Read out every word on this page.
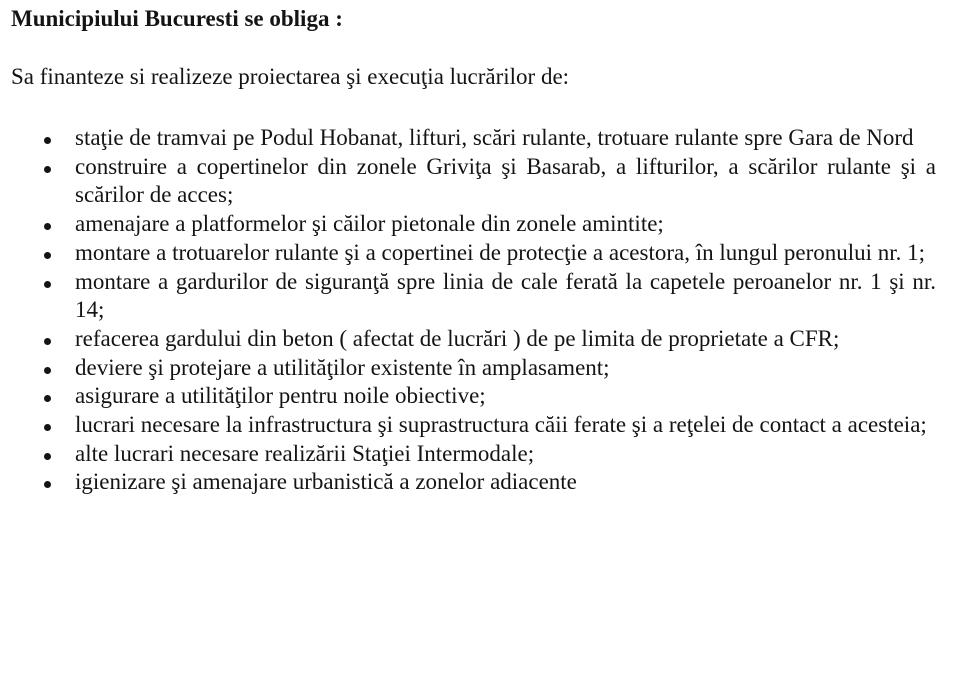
Municipiului Bucuresti se obliga :
Sa finanteze si realizeze proiectarea şi execuţia lucrărilor de:
staţie de tramvai pe Podul Hobanat, lifturi, scări rulante, trotuare rulante spre Gara de Nord
construire a copertinelor din zonele Griviţa şi Basarab, a lifturilor, a scărilor rulante şi a scărilor de acces;
amenajare a platformelor şi căilor pietonale din zonele amintite;
montare a trotuarelor rulante şi a copertinei de protecţie a acestora, în lungul peronului nr. 1;
montare a gardurilor de siguranţă spre linia de cale ferată la capetele peroanelor nr. 1 şi nr. 14;
refacerea gardului din beton ( afectat de lucrări ) de pe limita de proprietate a CFR;
deviere şi protejare a utilităţilor existente în amplasament;
asigurare a utilităţilor pentru noile obiective;
lucrari necesare la infrastructura şi suprastructura căii ferate şi a reţelei de contact a acesteia;
alte lucrari necesare realizării Staţiei Intermodale;
igienizare şi amenajare urbanistică a zonelor adiacente
